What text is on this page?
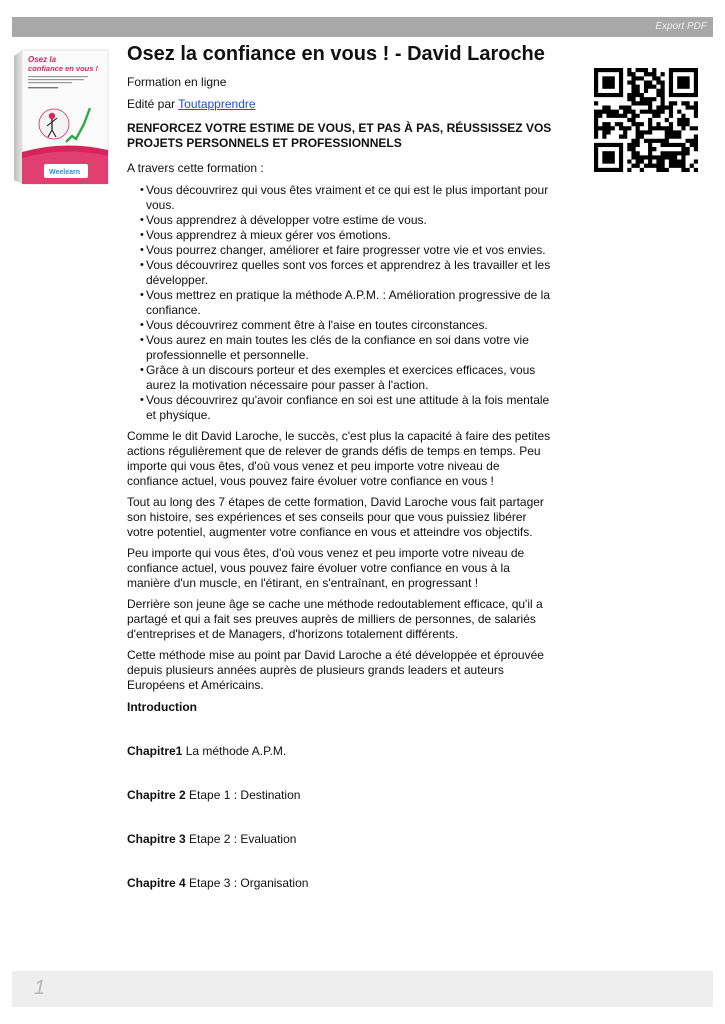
Export PDF
Osez la
confiance en vous !
Weelearn
Osez la confiance en vous ! - David Laroche
Formation en ligne
Edité par Toutapprendre
RENFORCEZ VOTRE ESTIME DE VOUS, ET PAS À PAS, RÉUSSISSEZ VOS PROJETS PERSONNELS ET PROFESSIONNELS
A travers cette formation :
• Vous découvrirez qui vous êtes vraiment et ce qui est le plus important pour vous.
• Vous apprendrez à développer votre estime de vous.
• Vous apprendrez à mieux gérer vos émotions.
• Vous pourrez changer, améliorer et faire progresser votre vie et vos envies.
• Vous découvrirez quelles sont vos forces et apprendrez à les travailler et les développer.
• Vous mettrez en pratique la méthode A.P.M. : Amélioration progressive de la confiance.
• Vous découvrirez comment être à l'aise en toutes circonstances.
• Vous aurez en main toutes les clés de la confiance en soi dans votre vie professionnelle et personnelle.
• Grâce à un discours porteur et des exemples et exercices efficaces, vous aurez la motivation nécessaire pour passer à l'action.
• Vous découvrirez qu'avoir confiance en soi est une attitude à la fois mentale et physique.

Comme le dit David Laroche, le succès, c'est plus la capacité à faire des petites actions régulièrement que de relever de grands défis de temps en temps. Peu importe qui vous êtes, d'où vous venez et peu importe votre niveau de confiance actuel, vous pouvez faire évoluer votre confiance en vous !

Tout au long des 7 étapes de cette formation, David Laroche vous fait partager son histoire, ses expériences et ses conseils pour que vous puissiez libérer votre potentiel, augmenter votre confiance en vous et atteindre vos objectifs.

Peu importe qui vous êtes, d'où vous venez et peu importe votre niveau de confiance actuel, vous pouvez faire évoluer votre confiance en vous à la manière d'un muscle, en l'étirant, en s'entraînant, en progressant !

Derrière son jeune âge se cache une méthode redoutablement efficace, qu'il a partagé et qui a fait ses preuves auprès de milliers de personnes, de salariés d'entreprises et de Managers, d'horizons totalement différents.

Cette méthode mise au point par David Laroche a été développée et éprouvée depuis plusieurs années auprès de plusieurs grands leaders et auteurs Européens et Américains.

Introduction
Chapitre1 La méthode A.P.M.
Chapitre 2 Etape 1 : Destination
Chapitre 3 Etape 2 : Evaluation
Chapitre 4 Etape 3 : Organisation
1
